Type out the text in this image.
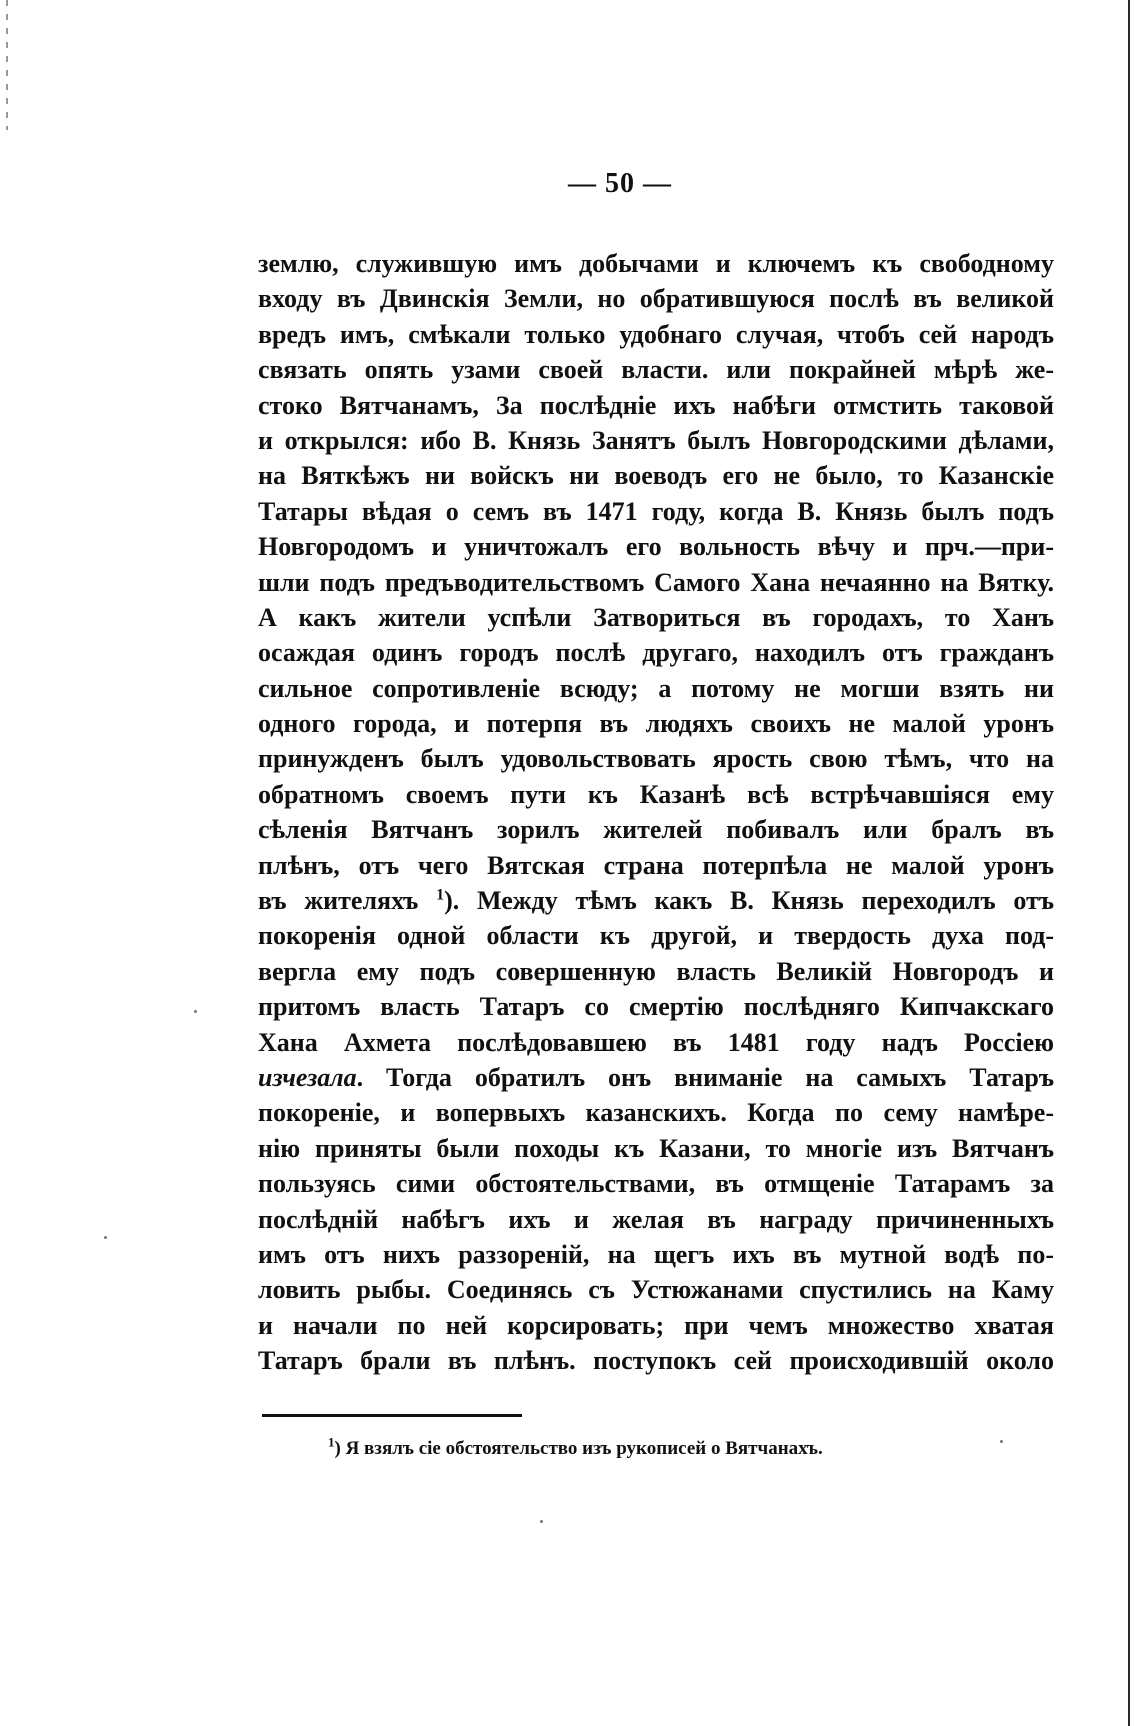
— 50 —
землю, служившую имъ добычами и ключемъ къ свободному
входу въ Двинскія Земли, но обратившуюся послѣ въ великой
вредъ имъ, смѣкали только удобнаго случая, чтобъ сей народъ
связать опять узами своей власти. или покрайней мѣрѣ же-
стоко Вятчанамъ, За послѣдніе ихъ набѣги отмстить таковой
и открылся: ибо В. Князь Занятъ былъ Новгородскими дѣлами,
на Вяткѣжъ ни войскъ ни воеводъ его не было, то Казанскіе
Татары вѣдая о семъ въ 1471 году, когда В. Князь былъ подъ
Новгородомъ и уничтожалъ его вольность вѣчу и прч.—при-
шли подъ предъводительствомъ Самого Хана нечаянно на Вятку.
А какъ жители успѣли Затвориться въ городахъ, то Ханъ
осаждая одинъ городъ послѣ другаго, находилъ отъ гражданъ
сильное сопротивленіе всюду; а потому не могши взять ни
одного города, и потерпя въ людяхъ своихъ не малой уронъ
принужденъ былъ удовольствовать ярость свою тѣмъ, что на
обратномъ своемъ пути къ Казанѣ всѣ встрѣчавшіяся ему
сѣленія Вятчанъ зорилъ жителей побивалъ или бралъ въ
плѣнъ, отъ чего Вятская страна потерпѣла не малой уронъ
въ жителяхъ $^1$). Между тѣмъ какъ В. Князь переходилъ отъ
покоренія одной области къ другой, и твердость духа под-
вергла ему подъ совершенную власть Великій Новгородъ и
притомъ власть Татаръ со смертію послѣдняго Кипчакскаго
Хана Ахмета послѣдовавшею въ 1481 году надъ Россіею
изчезала. Тогда обратилъ онъ вниманіе на самыхъ Татаръ
покореніе, и вопервыхъ казанскихъ. Когда по сему намѣре-
нію приняты были походы къ Казани, то многіе изъ Вятчанъ
пользуясь сими обстоятельствами, въ отмщеніе Татарамъ за
послѣдній набѣгъ ихъ и желая въ награду причиненныхъ
имъ отъ нихъ раззореній, на щегъ ихъ въ мутной водѣ по-
ловить рыбы. Соединясь съ Устюжанами спустились на Каму
и начали по ней корсировать; при чемъ множество хватая
Татаръ брали въ плѣнъ. поступокъ сей происходившій около
$^1$) Я взялъ сіе обстоятельство изъ рукописей о Вятчанахъ.
